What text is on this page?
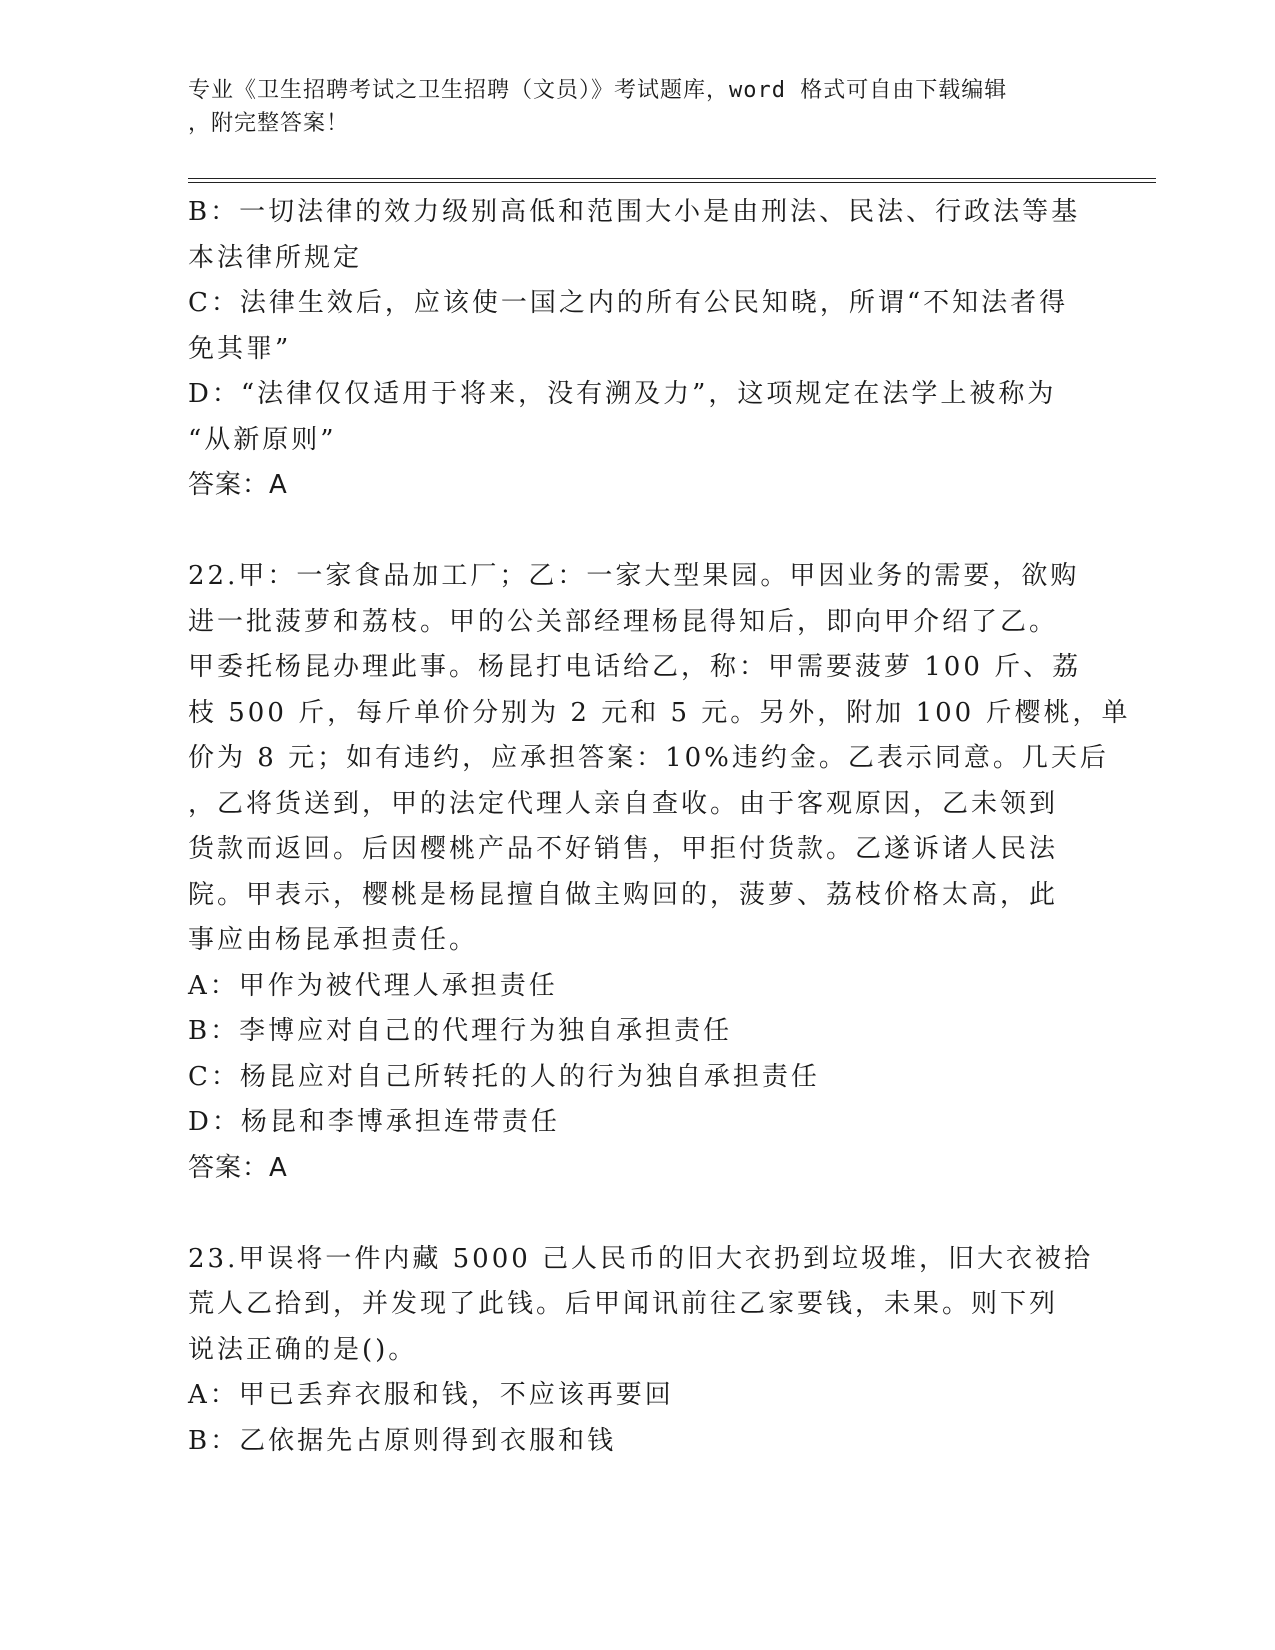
专业《卫生招聘考试之卫生招聘（文员）》考试题库，word 格式可自由下载编辑
，附完整答案！
B：一切法律的效力级别高低和范围大小是由刑法、民法、行政法等基
本法律所规定
C：法律生效后，应该使一国之内的所有公民知晓，所谓“不知法者得
免其罪”
D：“法律仅仅适用于将来，没有溯及力”，这项规定在法学上被称为
“从新原则”
答案：A
22.甲：一家食品加工厂；乙：一家大型果园。甲因业务的需要，欲购
进一批菠萝和荔枝。甲的公关部经理杨昆得知后，即向甲介绍了乙。
甲委托杨昆办理此事。杨昆打电话给乙，称：甲需要菠萝 100 斤、荔
枝 500 斤，每斤单价分别为 2 元和 5 元。另外，附加 100 斤樱桃，单
价为 8 元；如有违约，应承担答案：10%违约金。乙表示同意。几天后
，乙将货送到，甲的法定代理人亲自查收。由于客观原因，乙未领到
货款而返回。后因樱桃产品不好销售，甲拒付货款。乙遂诉诸人民法
院。甲表示，樱桃是杨昆擅自做主购回的，菠萝、荔枝价格太高，此
事应由杨昆承担责任。
A：甲作为被代理人承担责任
B：李博应对自己的代理行为独自承担责任
C：杨昆应对自己所转托的人的行为独自承担责任
D：杨昆和李博承担连带责任
答案：A
23.甲误将一件内藏 5000 己人民币的旧大衣扔到垃圾堆，旧大衣被拾
荒人乙拾到，并发现了此钱。后甲闻讯前往乙家要钱，未果。则下列
说法正确的是()。
A：甲已丢弃衣服和钱，不应该再要回
B：乙依据先占原则得到衣服和钱
